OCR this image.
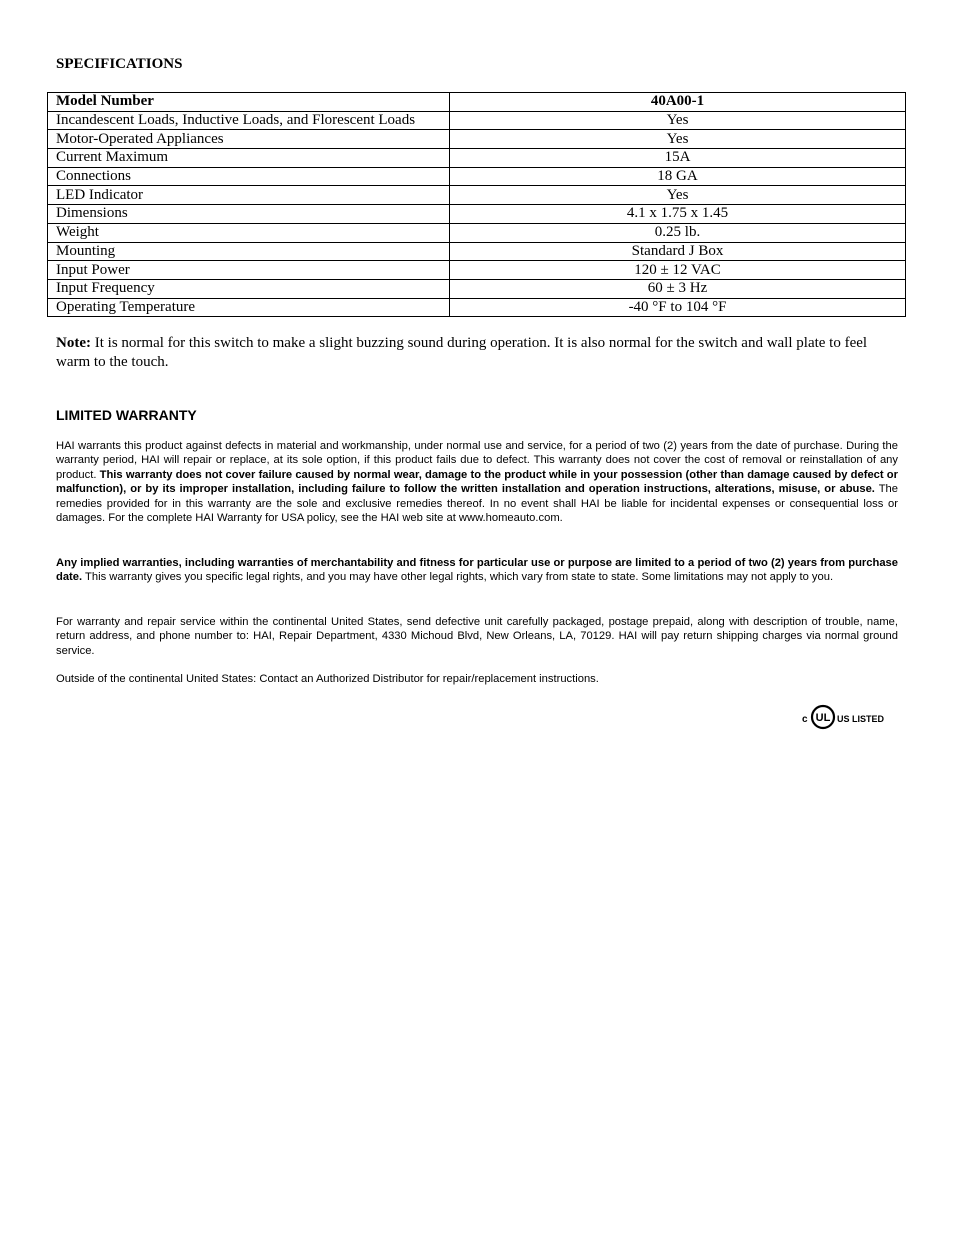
SPECIFICATIONS
Model Number	40A00-1
Incandescent Loads, Inductive Loads, and Florescent Loads	Yes
Motor-Operated Appliances	Yes
Current Maximum	15A
Connections	18 GA
LED Indicator	Yes
Dimensions	4.1 x 1.75 x 1.45
Weight	0.25 lb.
Mounting	Standard J Box
Input Power	120 ± 12 VAC
Input Frequency	60 ± 3 Hz
Operating Temperature	-40 °F to 104 °F
Note: It is normal for this switch to make a slight buzzing sound during operation. It is also normal for the switch and wall plate to feel warm to the touch.
LIMITED WARRANTY
HAI warrants this product against defects in material and workmanship, under normal use and service, for a period of two (2) years from the date of purchase. During the warranty period, HAI will repair or replace, at its sole option, if this product fails due to defect. This warranty does not cover the cost of removal or reinstallation of any product. This warranty does not cover failure caused by normal wear, damage to the product while in your possession (other than damage caused by defect or malfunction), or by its improper installation, including failure to follow the written installation and operation instructions, alterations, misuse, or abuse. The remedies provided for in this warranty are the sole and exclusive remedies thereof. In no event shall HAI be liable for incidental expenses or consequential loss or damages. For the complete HAI Warranty for USA policy, see the HAI web site at www.homeauto.com.
Any implied warranties, including warranties of merchantability and fitness for particular use or purpose are limited to a period of two (2) years from purchase date. This warranty gives you specific legal rights, and you may have other legal rights, which vary from state to state. Some limitations may not apply to you.
For warranty and repair service within the continental United States, send defective unit carefully packaged, postage prepaid, along with description of trouble, name, return address, and phone number to: HAI, Repair Department, 4330 Michoud Blvd, New Orleans, LA, 70129. HAI will pay return shipping charges via normal ground service.
Outside of the continental United States: Contact an Authorized Distributor for repair/replacement instructions.
c UL US LISTED
